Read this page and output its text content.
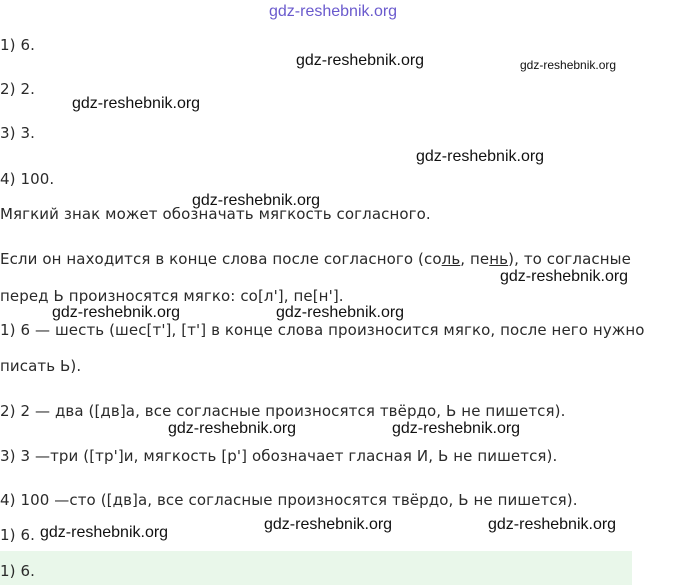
gdz-reshebnik.org
1) 6.
gdz-reshebnik.org	gdz-reshebnik.org
2) 2.
gdz-reshebnik.org
3) 3.
gdz-reshebnik.org
4) 100.
gdz-reshebnik.org
Мягкий знак может обозначать мягкость согласного.
Если он находится в конце слова после согласного (соль, пень), то согласные
gdz-reshebnik.org
перед Ь произносятся мягко: со[л'], пе[н'].
gdz-reshebnik.org	gdz-reshebnik.org
1) 6 — шесть (шес[т'], [т'] в конце слова произносится мягко, после него нужно
писать Ь).
2) 2 — два ([дв]а, все согласные произносятся твёрдо, Ь не пишется).
gdz-reshebnik.org	gdz-reshebnik.org
3) 3 —три ([тр']и, мягкость [р'] обозначает гласная И, Ь не пишется).
4) 100 —сто ([дв]а, все согласные произносятся твёрдо, Ь не пишется).
1) 6. gdz-reshebnik.org	gdz-reshebnik.org	gdz-reshebnik.org
1) 6.
